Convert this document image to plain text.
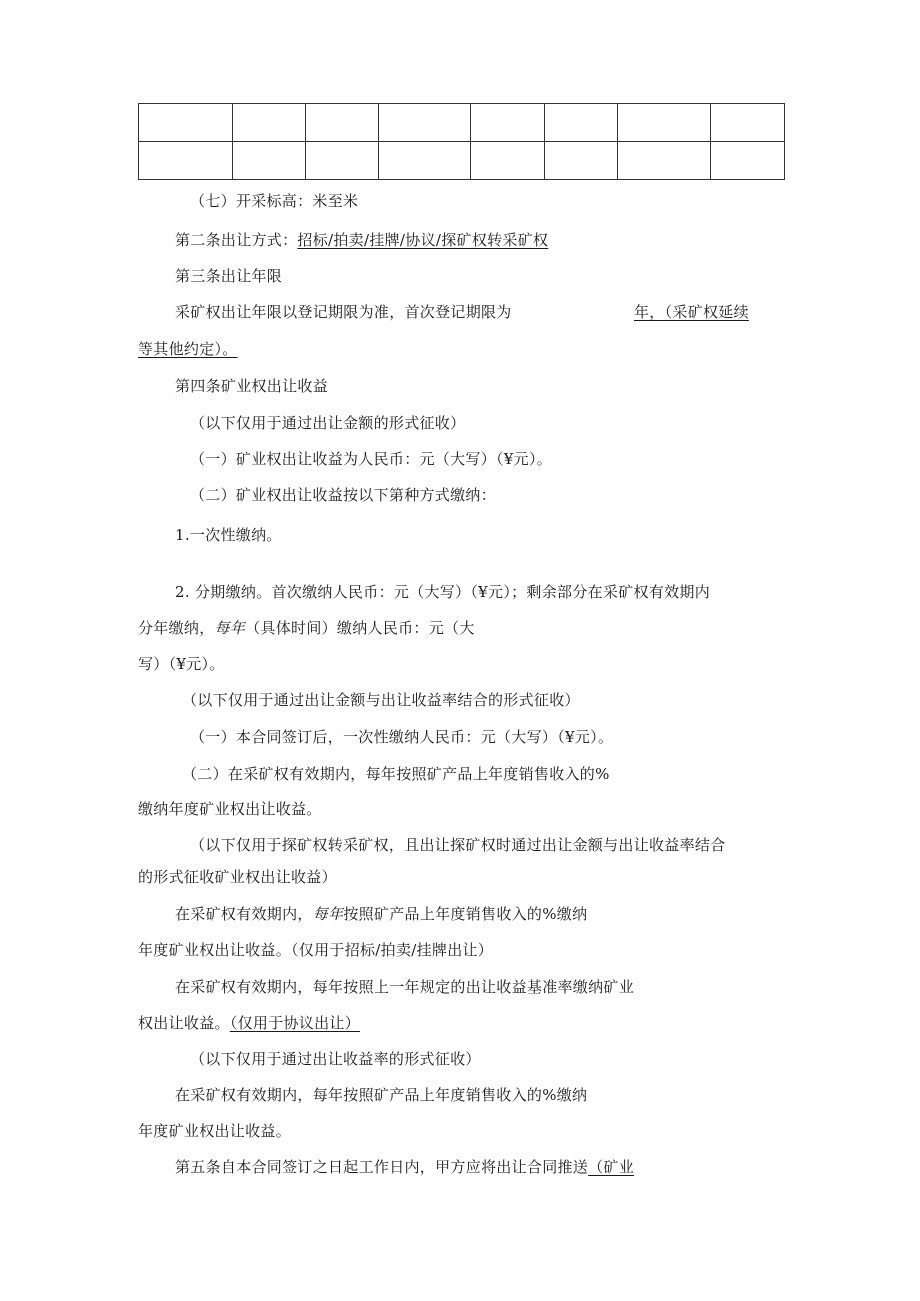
（七）开采标高：米至米
第二条出让方式：招标/拍卖/挂牌/协议/探矿权转采矿权
第三条出让年限
采矿权出让年限以登记期限为准，首次登记期限为	年，（采矿权延续
等其他约定）。
第四条矿业权出让收益
（以下仅用于通过出让金额的形式征收）
（一）矿业权出让收益为人民币：元（大写）（¥元）。
（二）矿业权出让收益按以下第种方式缴纳：
1.一次性缴纳。
2. 分期缴纳。首次缴纳人民币：元（大写）（¥元）；剩余部分在采矿权有效期内
分年缴纳，每年（具体时间）缴纳人民币：元（大
写）（¥元）。
（以下仅用于通过出让金额与出让收益率结合的形式征收）
（一）本合同签订后，一次性缴纳人民币：元（大写）（¥元）。
（二）在采矿权有效期内，每年按照矿产品上年度销售收入的%
缴纳年度矿业权出让收益。
（以下仅用于探矿权转采矿权，且出让探矿权时通过出让金额与出让收益率结合
的形式征收矿业权出让收益）
在采矿权有效期内，每年按照矿产品上年度销售收入的%缴纳
年度矿业权出让收益。（仅用于招标/拍卖/挂牌出让）
在采矿权有效期内，每年按照上一年规定的出让收益基准率缴纳矿业
权出让收益。（仅用于协议出让）
（以下仅用于通过出让收益率的形式征收）
在采矿权有效期内，每年按照矿产品上年度销售收入的%缴纳
年度矿业权出让收益。
第五条自本合同签订之日起工作日内，甲方应将出让合同推送（矿业
